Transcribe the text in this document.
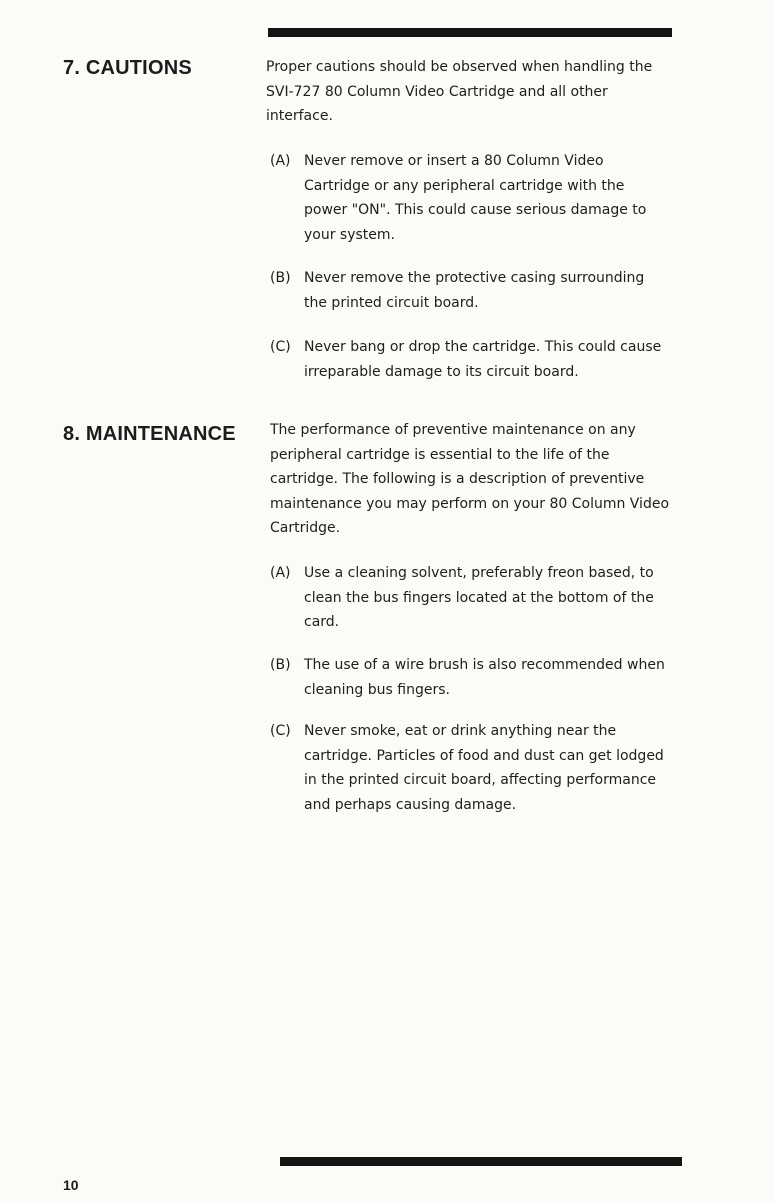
7. CAUTIONS	Proper cautions should be observed when handling the SVI-727 80 Column Video Cartridge and all other interface.

(A) Never remove or insert a 80 Column Video Cartridge or any peripheral cartridge with the power "ON". This could cause serious damage to your system.

(B) Never remove the protective casing surrounding the printed circuit board.

(C) Never bang or drop the cartridge. This could cause irreparable damage to its circuit board.

8. MAINTENANCE The performance of preventive maintenance on any peripheral cartridge is essential to the life of the cartridge. The following is a description of preventive maintenance you may perform on your 80 Column Video Cartridge.

(A) Use a cleaning solvent, preferably freon based, to clean the bus fingers located at the bottom of the card.

(B) The use of a wire brush is also recommended when cleaning bus fingers.

(C) Never smoke, eat or drink anything near the cartridge. Particles of food and dust can get lodged in the printed circuit board, affecting performance and perhaps causing damage.

10
